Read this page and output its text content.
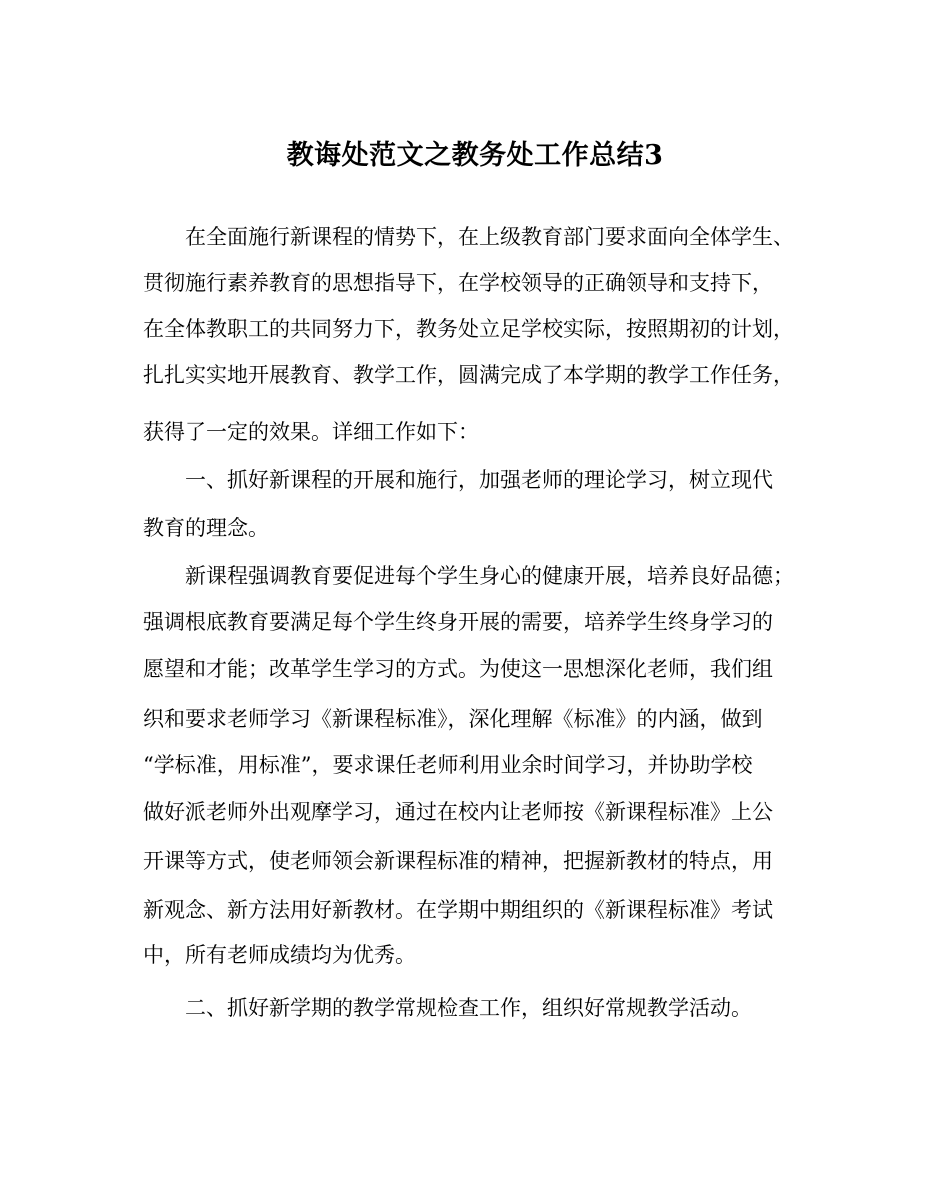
教诲处范文之教务处工作总结3
　　在全面施行新课程的情势下，在上级教育部门要求面向全体学生、
贯彻施行素养教育的思想指导下，在学校领导的正确领导和支持下，
在全体教职工的共同努力下，教务处立足学校实际，按照期初的计划，
扎扎实实地开展教育、教学工作，圆满完成了本学期的教学工作任务，
获得了一定的效果。详细工作如下：
　　一、抓好新课程的开展和施行，加强老师的理论学习，树立现代
教育的理念。
　　新课程强调教育要促进每个学生身心的健康开展，培养良好品德；
强调根底教育要满足每个学生终身开展的需要，培养学生终身学习的
愿望和才能；改革学生学习的方式。为使这一思想深化老师，我们组
织和要求老师学习《新课程标准》，深化理解《标准》的内涵，做到
“学标准，用标准”，要求课任老师利用业余时间学习，并协助学校
做好派老师外出观摩学习，通过在校内让老师按《新课程标准》上公
开课等方式，使老师领会新课程标准的精神，把握新教材的特点，用
新观念、新方法用好新教材。在学期中期组织的《新课程标准》考试
中，所有老师成绩均为优秀。
　　二、抓好新学期的教学常规检查工作，组织好常规教学活动。
